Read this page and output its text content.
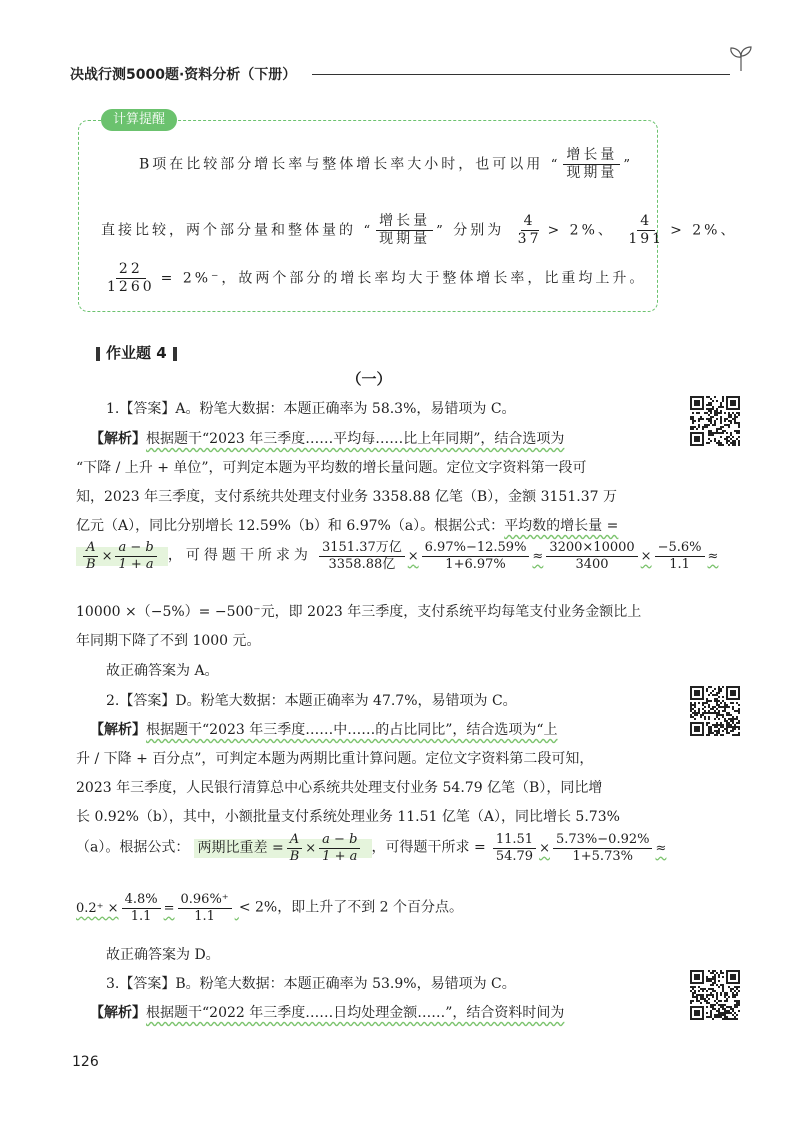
决战行测5000题·资料分析（下册）
计算提醒
B项在比较部分增长率与整体增长率大小时，也可以用 “ $\frac{\text{增长量}}{\text{现期量}}$ ”
直接比较，两个部分量和整体量的 “ $\frac{\text{增长量}}{\text{现期量}}$ ” 分别为 $\frac{4}{37} > 2\%$、 $\frac{4}{191} > 2\%$、
$\frac{22}{1260} = 2\%^-$，故两个部分的增长率均大于整体增长率，比重均上升。
作业题 4
（一）
1.【答案】A。粉笔大数据：本题正确率为 58.3%，易错项为 C。
【解析】根据题干“2023 年三季度……平均每……比上年同期”，结合选项为
“下降 / 上升 + 单位”，可判定本题为平均数的增长量问题。定位文字资料第一段可
知，2023 年三季度，支付系统共处理支付业务 3358.88 亿笔（B），金额 3151.37 万
亿元（A），同比分别增长 12.59%（b）和 6.97%（a）。根据公式：平均数的增长量 =
$\frac{A}{B} \times \frac{a - b}{1 + a}$ ，可得题干所求为 $\frac{\text{3151.37万亿}}{\text{3358.88亿}} \times \frac{6.97\%-12.59\%}{1+6.97\%} \approx \frac{3200\times 10000}{3400} \times \frac{-5.6\%}{1.1}$ ≈
10000 ×（−5%）= −500⁻元，即 2023 年三季度，支付系统平均每笔支付业务金额比上
年同期下降了不到 1000 元。
故正确答案为 A。
2.【答案】D。粉笔大数据：本题正确率为 47.7%，易错项为 C。
【解析】根据题干“2023 年三季度……中……的占比同比”，结合选项为“上
升 / 下降 + 百分点”，可判定本题为两期比重计算问题。定位文字资料第二段可知，
2023 年三季度，人民银行清算总中心系统共处理支付业务 54.79 亿笔（B），同比增
长 0.92%（b），其中，小额批量支付系统处理业务 11.51 亿笔（A），同比增长 5.73%
（a）。根据公式： 两期比重差 = $\frac{A}{B} \times \frac{a - b}{1 + a}$ ，可得题干所求 = $\frac{11.51}{54.79} \times \frac{5.73\%-0.92\%}{1+5.73\%}$ ≈
$0.2^+ \times \frac{4.8\%}{1.1} = \frac{0.96\%^+}{1.1} < 2\%$，即上升了不到 2 个百分点。
故正确答案为 D。
3.【答案】B。粉笔大数据：本题正确率为 53.9%，易错项为 C。
【解析】根据题干“2022 年三季度……日均处理金额……”，结合资料时间为
126
